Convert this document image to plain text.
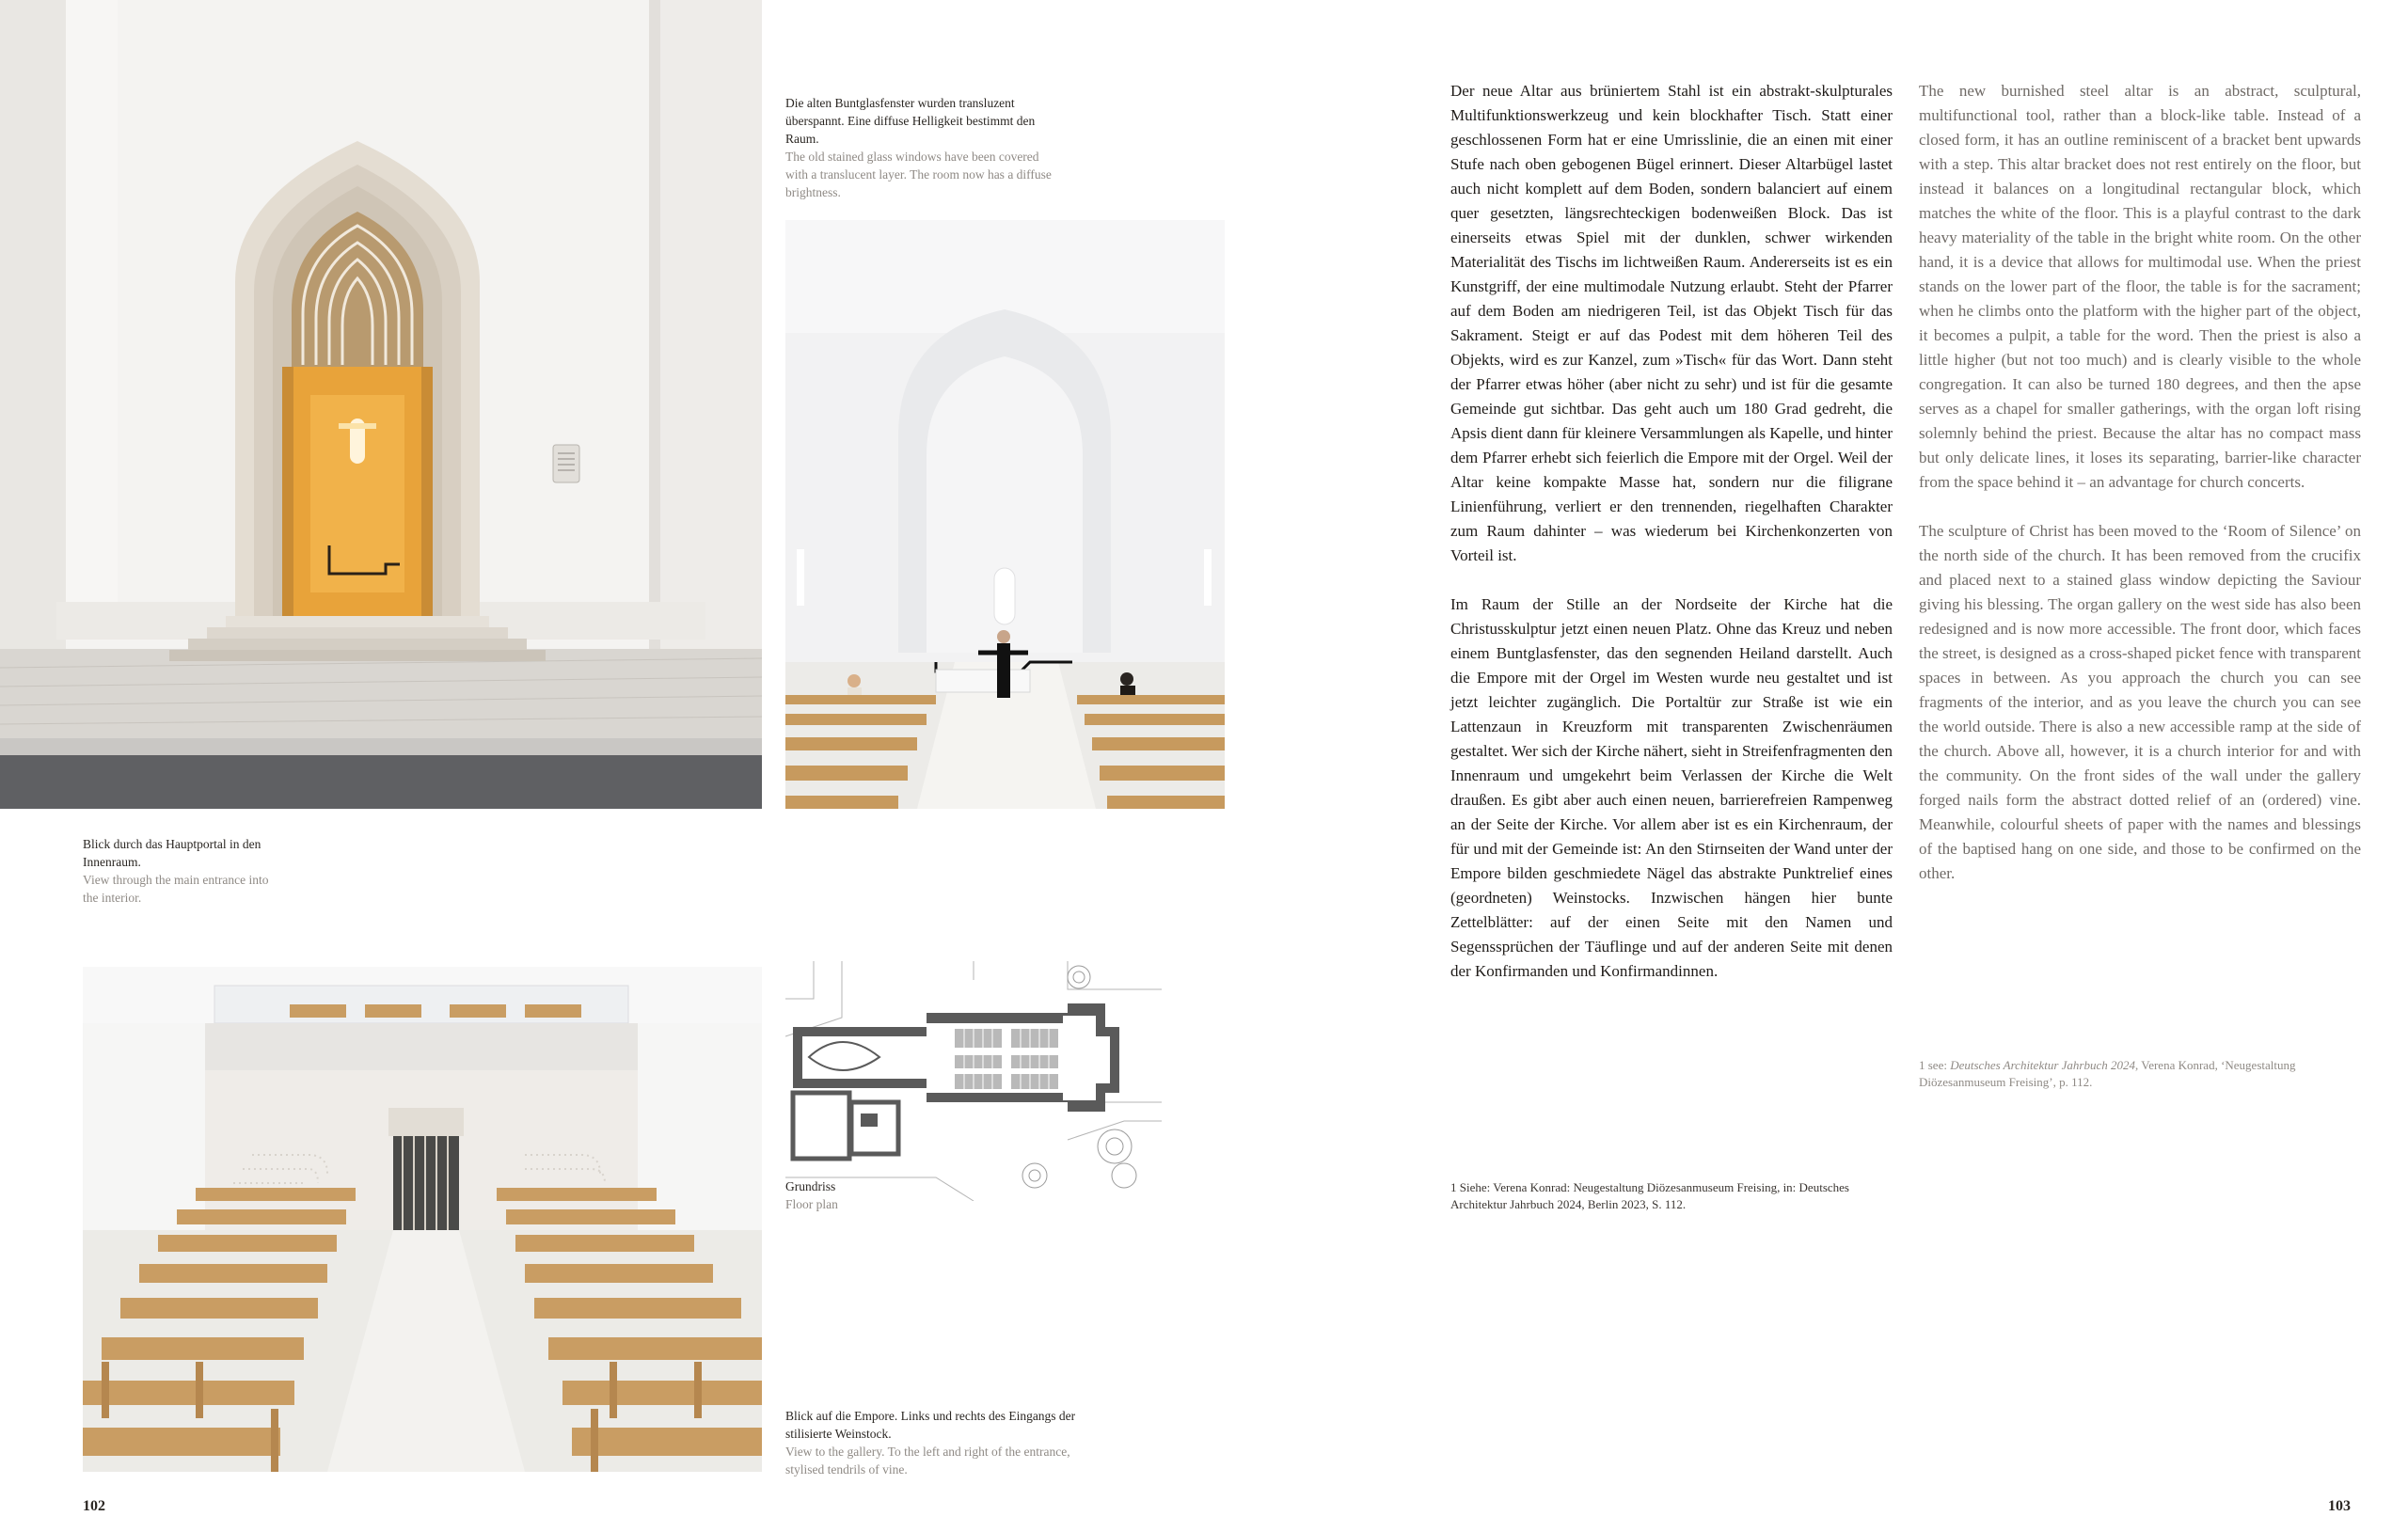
Die alten Buntglasfenster wurden transluzent überspannt. Eine diffuse Helligkeit bestimmt den Raum.
The old stained glass windows have been covered with a translucent layer. The room now has a diffuse brightness.
Blick durch das Hauptportal in den Innenraum.
View through the main entrance into the interior.
Grundriss
Floor plan
Blick auf die Empore. Links und rechts des Eingangs der stilisierte Weinstock.
View to the gallery. To the left and right of the entrance, stylised tendrils of vine.
102

Der neue Altar aus brüniertem Stahl ist ein abstrakt-skulpturales Multifunktionswerkzeug und kein blockhafter Tisch. Statt einer geschlossenen Form hat er eine Umrisslinie, die an einen mit einer Stufe nach oben gebogenen Bügel erinnert. Dieser Altarbügel lastet auch nicht komplett auf dem Boden, sondern balanciert auf einem quer gesetzten, längsrechteckigen bodenweißen Block. Das ist einerseits etwas Spiel mit der dunklen, schwer wirkenden Materialität des Tischs im lichtweißen Raum. Andererseits ist es ein Kunstgriff, der eine multimodale Nutzung erlaubt. Steht der Pfarrer auf dem Boden am niedrigeren Teil, ist das Objekt Tisch für das Sakrament. Steigt er auf das Podest mit dem höheren Teil des Objekts, wird es zur Kanzel, zum »Tisch« für das Wort. Dann steht der Pfarrer etwas höher (aber nicht zu sehr) und ist für die gesamte Gemeinde gut sichtbar. Das geht auch um 180 Grad gedreht, die Apsis dient dann für kleinere Versammlungen als Kapelle, und hinter dem Pfarrer erhebt sich feierlich die Empore mit der Orgel. Weil der Altar keine kompakte Masse hat, sondern nur die filigrane Linienführung, verliert er den trennenden, riegelhaften Charakter zum Raum dahinter – was wiederum bei Kirchenkonzerten von Vorteil ist.

Im Raum der Stille an der Nordseite der Kirche hat die Christusskulptur jetzt einen neuen Platz. Ohne das Kreuz und neben einem Buntglasfenster, das den segnenden Heiland darstellt. Auch die Empore mit der Orgel im Westen wurde neu gestaltet und ist jetzt leichter zugänglich. Die Portaltür zur Straße ist wie ein Lattenzaun in Kreuzform mit transparenten Zwischenräumen gestaltet. Wer sich der Kirche nähert, sieht in Streifenfragmenten den Innenraum und umgekehrt beim Verlassen der Kirche die Welt draußen. Es gibt aber auch einen neuen, barrierefreien Rampenweg an der Seite der Kirche. Vor allem aber ist es ein Kirchenraum, der für und mit der Gemeinde ist: An den Stirnseiten der Wand unter der Empore bilden geschmiedete Nägel das abstrakte Punktrelief eines (geordneten) Weinstocks. Inzwischen hängen hier bunte Zettelblätter: auf der einen Seite mit den Namen und Segenssprüchen der Täuflinge und auf der anderen Seite mit denen der Konfirmanden und Konfirmandinnen.

1 Siehe: Verena Konrad: Neugestaltung Diözesanmuseum Freising, in: Deutsches Architektur Jahrbuch 2024, Berlin 2023, S. 112.

The new burnished steel altar is an abstract, sculptural, multifunctional tool, rather than a block-like table. Instead of a closed form, it has an outline reminiscent of a bracket bent upwards with a step. This altar bracket does not rest entirely on the floor, but instead it balances on a longitudinal rectangular block, which matches the white of the floor. This is a playful contrast to the dark heavy materiality of the table in the bright white room. On the other hand, it is a device that allows for multimodal use. When the priest stands on the lower part of the floor, the table is for the sacrament; when he climbs onto the platform with the higher part of the object, it becomes a pulpit, a table for the word. Then the priest is also a little higher (but not too much) and is clearly visible to the whole congregation. It can also be turned 180 degrees, and then the apse serves as a chapel for smaller gatherings, with the organ loft rising solemnly behind the priest. Because the altar has no compact mass but only delicate lines, it loses its separating, barrier-like character from the space behind it – an advantage for church concerts.

The sculpture of Christ has been moved to the ‘Room of Silence’ on the north side of the church. It has been removed from the crucifix and placed next to a stained glass window depicting the Saviour giving his blessing. The organ gallery on the west side has also been redesigned and is now more accessible. The front door, which faces the street, is designed as a cross-shaped picket fence with transparent spaces in between. As you approach the church you can see fragments of the interior, and as you leave the church you can see the world outside. There is also a new accessible ramp at the side of the church. Above all, however, it is a church interior for and with the community. On the front sides of the wall under the gallery forged nails form the abstract dotted relief of an (ordered) vine. Meanwhile, colourful sheets of paper with the names and blessings of the baptised hang on one side, and those to be confirmed on the other.

1 see: Deutsches Architektur Jahrbuch 2024, Verena Konrad, ‘Neugestaltung Diözesanmuseum Freising’, p. 112.
103
